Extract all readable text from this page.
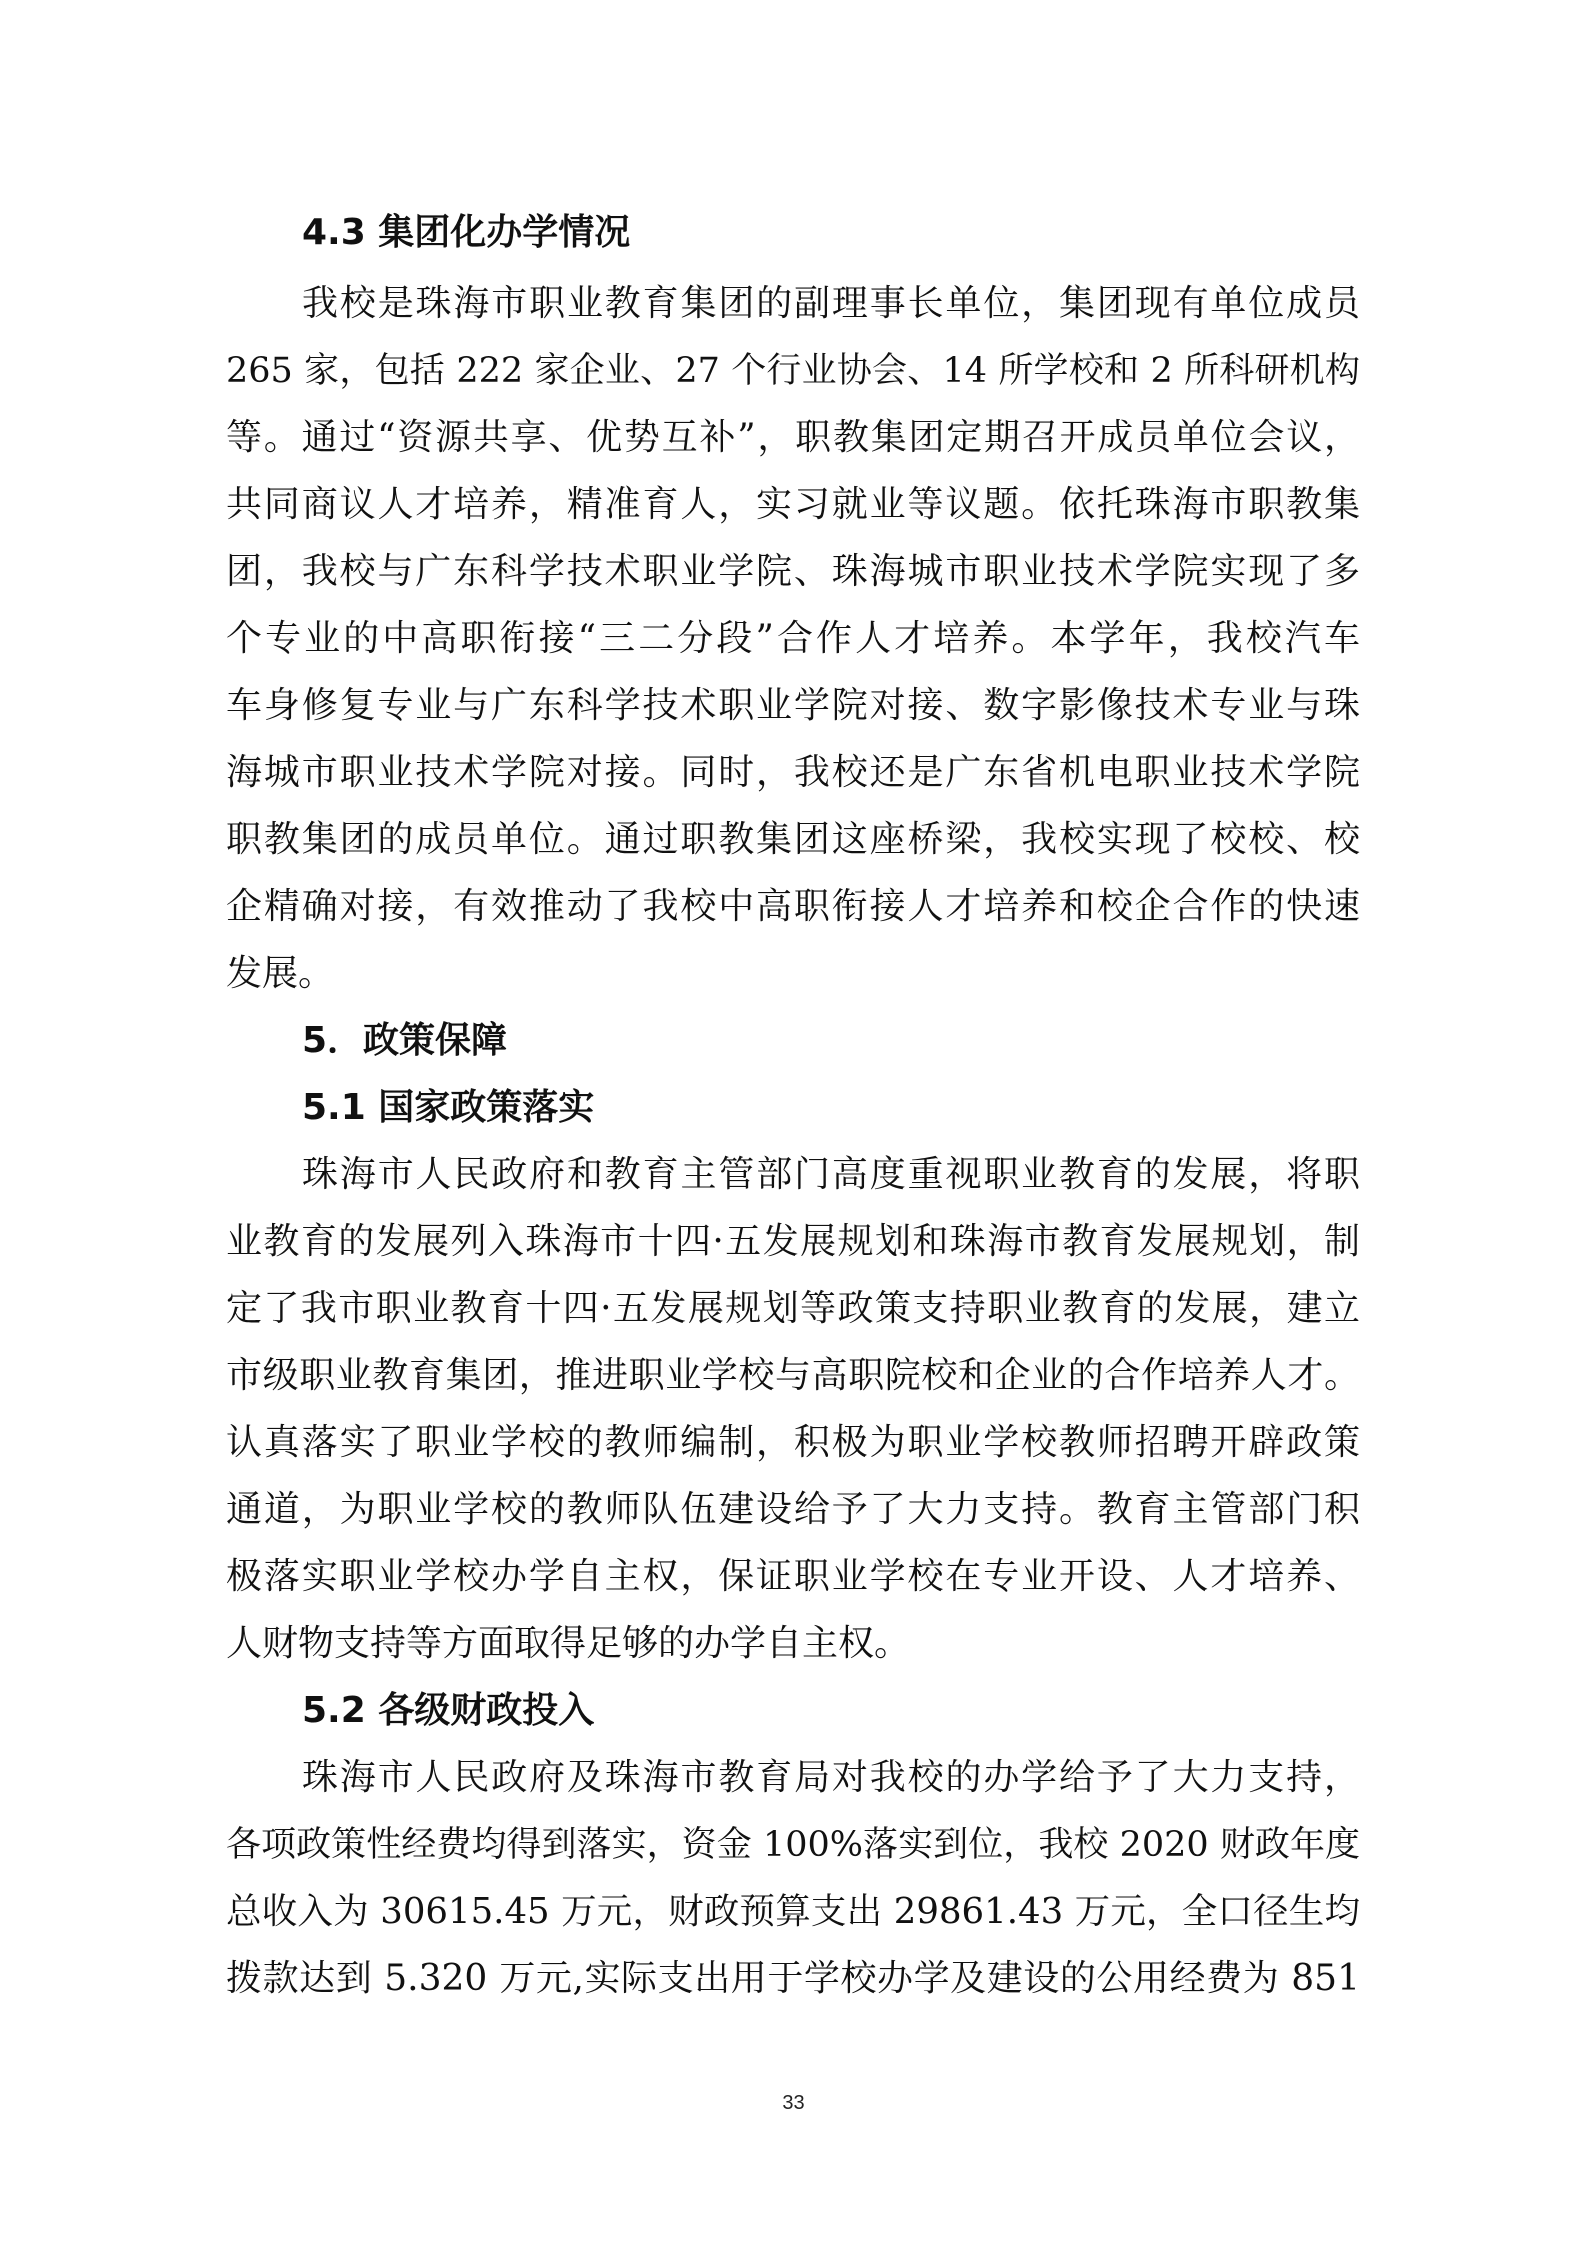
4.3 集团化办学情况
我校是珠海市职业教育集团的副理事长单位，集团现有单位成员
265 家，包括 222 家企业、27 个行业协会、14 所学校和 2 所科研机构
等。通过“资源共享、优势互补”，职教集团定期召开成员单位会议，
共同商议人才培养，精准育人，实习就业等议题。依托珠海市职教集
团，我校与广东科学技术职业学院、珠海城市职业技术学院实现了多
个专业的中高职衔接“三二分段”合作人才培养。本学年，我校汽车
车身修复专业与广东科学技术职业学院对接、数字影像技术专业与珠
海城市职业技术学院对接。同时，我校还是广东省机电职业技术学院
职教集团的成员单位。通过职教集团这座桥梁，我校实现了校校、校
企精确对接，有效推动了我校中高职衔接人才培养和校企合作的快速
发展。
5．政策保障
5.1 国家政策落实
珠海市人民政府和教育主管部门高度重视职业教育的发展，将职
业教育的发展列入珠海市十四·五发展规划和珠海市教育发展规划，制
定了我市职业教育十四·五发展规划等政策支持职业教育的发展，建立
市级职业教育集团，推进职业学校与高职院校和企业的合作培养人才。
认真落实了职业学校的教师编制，积极为职业学校教师招聘开辟政策
通道，为职业学校的教师队伍建设给予了大力支持。教育主管部门积
极落实职业学校办学自主权，保证职业学校在专业开设、人才培养、
人财物支持等方面取得足够的办学自主权。
5.2 各级财政投入
珠海市人民政府及珠海市教育局对我校的办学给予了大力支持，
各项政策性经费均得到落实，资金 100%落实到位，我校 2020 财政年度
总收入为 30615.45 万元，财政预算支出 29861.43 万元，全口径生均
拨款达到 5.320 万元,实际支出用于学校办学及建设的公用经费为 851
33
